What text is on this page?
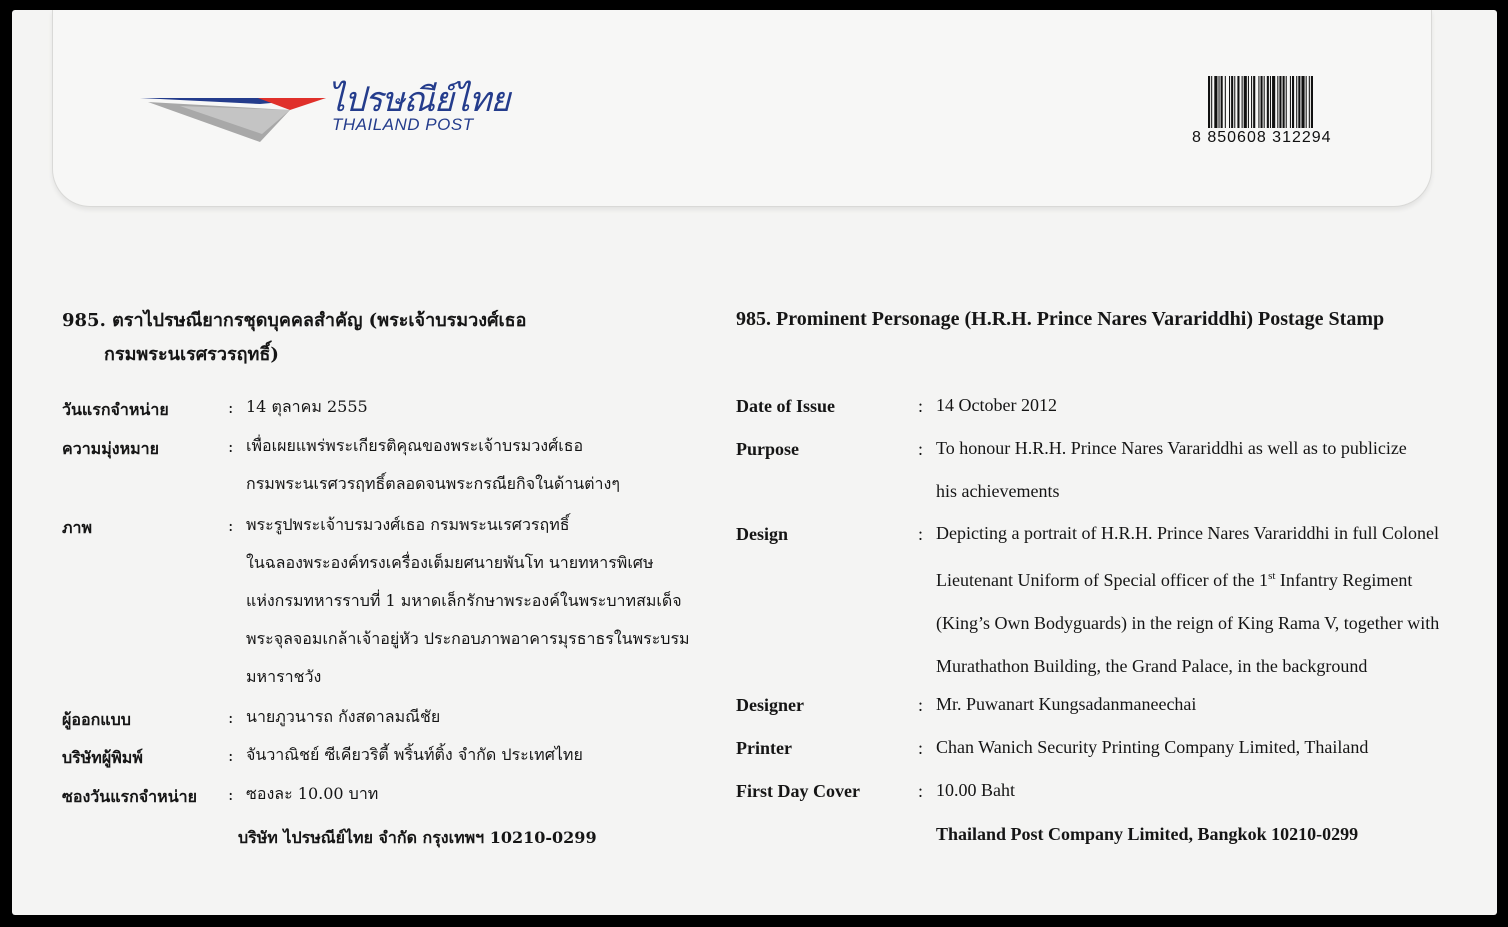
ไปรษณีย์ไทย
THAILAND POST
8 850608 312294
985. ตราไปรษณียากรชุดบุคคลสำคัญ (พระเจ้าบรมวงศ์เธอ
กรมพระนเรศรวรฤทธิ์)
วันแรกจำหน่าย	: 14 ตุลาคม 2555
ความมุ่งหมาย	: เพื่อเผยแพร่พระเกียรติคุณของพระเจ้าบรมวงศ์เธอ
กรมพระนเรศวรฤทธิ์ตลอดจนพระกรณียกิจในด้านต่างๆ
ภาพ	: พระรูปพระเจ้าบรมวงศ์เธอ กรมพระนเรศวรฤทธิ์
ในฉลองพระองค์ทรงเครื่องเต็มยศนายพันโท นายทหารพิเศษ
แห่งกรมทหารราบที่ 1 มหาดเล็กรักษาพระองค์ในพระบาทสมเด็จ
พระจุลจอมเกล้าเจ้าอยู่หัว ประกอบภาพอาคารมุรธาธรในพระบรม
มหาราชวัง
ผู้ออกแบบ	: นายภูวนารถ กังสดาลมณีชัย
บริษัทผู้พิมพ์	: จันวาณิชย์ ซีเคียวริตี้ พริ้นท์ติ้ง จำกัด ประเทศไทย
ซองวันแรกจำหน่าย : ซองละ 10.00 บาท
บริษัท ไปรษณีย์ไทย จำกัด กรุงเทพฯ 10210-0299
985. Prominent Personage (H.R.H. Prince Nares Varariddhi) Postage Stamp
Date of Issue	: 14 October 2012
Purpose	: To honour H.R.H. Prince Nares Varariddhi as well as to publicize
his achievements
Design	: Depicting a portrait of H.R.H. Prince Nares Varariddhi in full Colonel
Lieutenant Uniform of Special officer of the 1st Infantry Regiment
(King’s Own Bodyguards) in the reign of King Rama V, together with
Murathathon Building, the Grand Palace, in the background
Designer	: Mr. Puwanart Kungsadanmaneechai
Printer	: Chan Wanich Security Printing Company Limited, Thailand
First Day Cover	: 10.00 Baht
Thailand Post Company Limited, Bangkok 10210-0299
